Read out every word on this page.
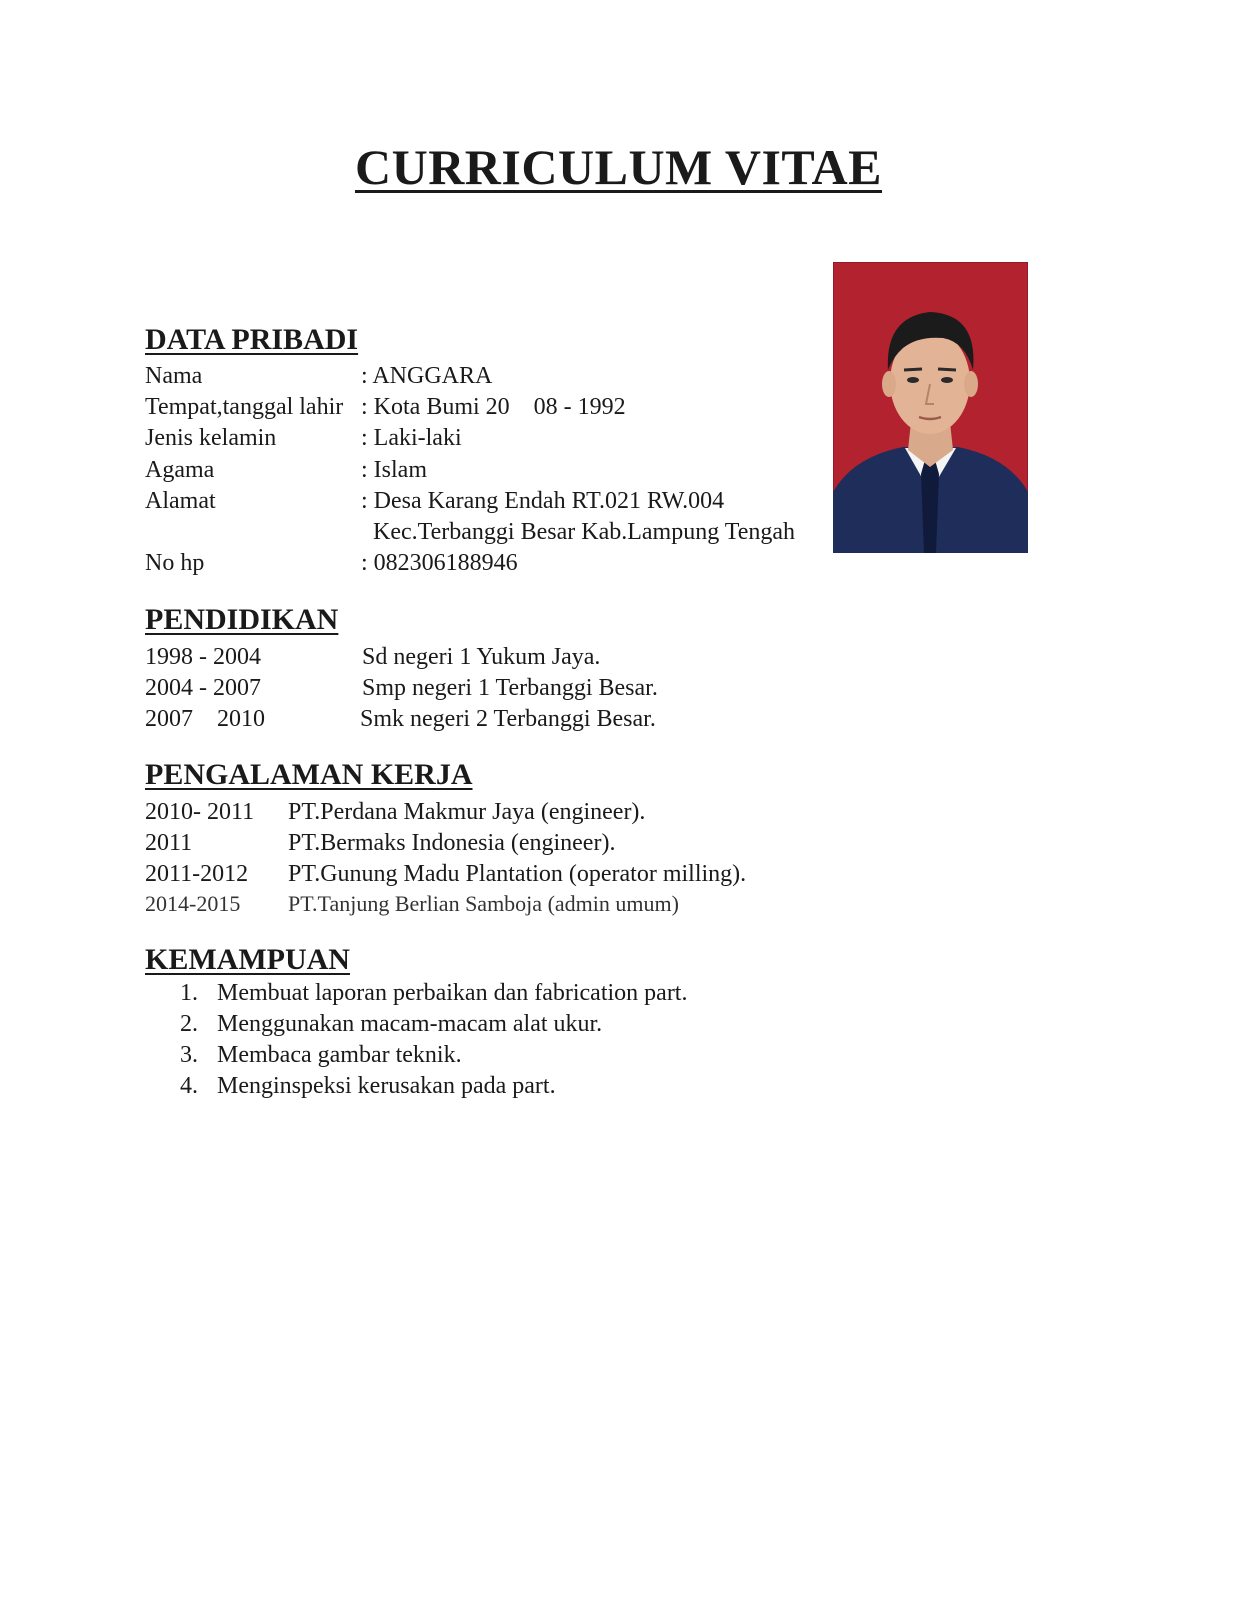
CURRICULUM VITAE
DATA PRIBADI
Nama	: ANGGARA
Tempat,tanggal lahir : Kota Bumi 20    08 - 1992
Jenis kelamin	: Laki-laki
Agama	: Islam
Alamat	: Desa Karang Endah RT.021 RW.004
Kec.Terbanggi Besar Kab.Lampung Tengah
No hp	: 082306188946
PENDIDIKAN
1998 - 2004	Sd negeri 1 Yukum Jaya.
2004 - 2007	Smp negeri 1 Terbanggi Besar.
2007    2010	Smk negeri 2 Terbanggi Besar.
PENGALAMAN KERJA
2010- 2011 PT.Perdana Makmur Jaya (engineer).
2011	PT.Bermaks Indonesia (engineer).
2011-2012 PT.Gunung Madu Plantation (operator milling).
2014-2015 PT.Tanjung Berlian Samboja (admin umum)
KEMAMPUAN
1. Membuat laporan perbaikan dan fabrication part.
2. Menggunakan macam-macam alat ukur.
3. Membaca gambar teknik.
4. Menginspeksi kerusakan pada part.
